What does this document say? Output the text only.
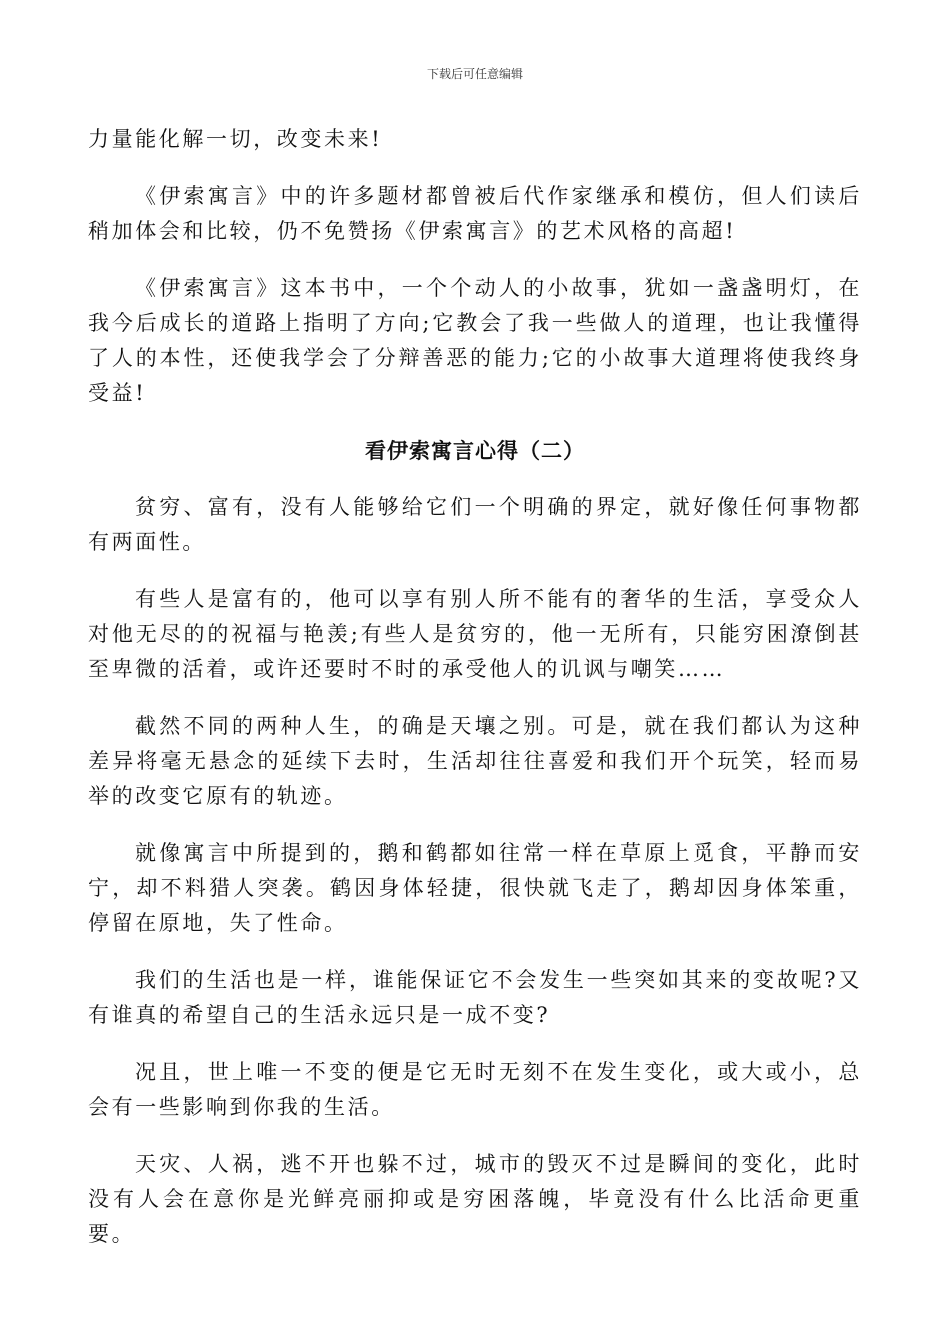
下载后可任意编辑

力量能化解一切，改变未来!

《伊索寓言》中的许多题材都曾被后代作家继承和模仿，但人们读后稍加体会和比较，仍不免赞扬《伊索寓言》的艺术风格的高超!

《伊索寓言》这本书中，一个个动人的小故事，犹如一盏盏明灯，在我今后成长的道路上指明了方向;它教会了我一些做人的道理，也让我懂得了人的本性，还使我学会了分辩善恶的能力;它的小故事大道理将使我终身受益!

看伊索寓言心得（二）

贫穷、富有，没有人能够给它们一个明确的界定，就好像任何事物都有两面性。

有些人是富有的，他可以享有别人所不能有的奢华的生活，享受众人对他无尽的的祝福与艳羡;有些人是贫穷的，他一无所有，只能穷困潦倒甚至卑微的活着，或许还要时不时的承受他人的讥讽与嘲笑……

截然不同的两种人生，的确是天壤之别。可是，就在我们都认为这种差异将毫无悬念的延续下去时，生活却往往喜爱和我们开个玩笑，轻而易举的改变它原有的轨迹。

就像寓言中所提到的，鹅和鹤都如往常一样在草原上觅食，平静而安宁，却不料猎人突袭。鹤因身体轻捷，很快就飞走了，鹅却因身体笨重，停留在原地，失了性命。

我们的生活也是一样，谁能保证它不会发生一些突如其来的变故呢?又有谁真的希望自己的生活永远只是一成不变?

况且，世上唯一不变的便是它无时无刻不在发生变化，或大或小，总会有一些影响到你我的生活。

天灾、人祸，逃不开也躲不过，城市的毁灭不过是瞬间的变化，此时没有人会在意你是光鲜亮丽抑或是穷困落魄，毕竟没有什么比活命更重要。
